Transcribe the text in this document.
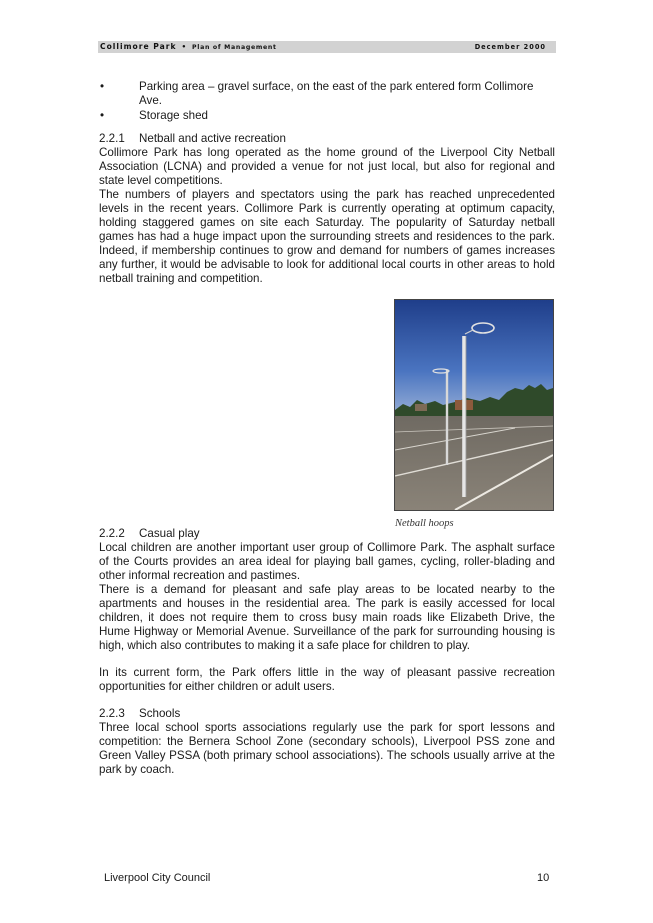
Collimore Park • Plan of Management	December 2000
•	Parking area – gravel surface, on the east of the park entered form Collimore Ave.
•	Storage shed
2.2.1 Netball and active recreation

Collimore Park has long operated as the home ground of the Liverpool City Netball Association (LCNA) and provided a venue for not just local, but also for regional and state level competitions.

The numbers of players and spectators using the park has reached unprecedented levels in the recent years. Collimore Park is currently operating at optimum capacity, holding staggered games on site each Saturday. The popularity of Saturday netball games has had a huge impact upon the surrounding streets and residences to the park. Indeed, if membership continues to grow and demand for numbers of games increases any further, it would be advisable to look for additional local courts in other areas to hold netball training and competition.

2.2.2 Casual play

Local children are another important user group of Collimore Park. The asphalt surface of the Courts provides an area ideal for playing ball games, cycling, roller-blading and other informal recreation and pastimes.

There is a demand for pleasant and safe play areas to be located nearby to the apartments and houses in the residential area. The park is easily accessed for local children, it does not require them to cross busy main roads like Elizabeth Drive, the Hume Highway or Memorial Avenue. Surveillance of the park for surrounding housing is high, which also contributes to making it a safe place for children to play.

In its current form, the Park offers little in the way of pleasant passive recreation opportunities for either children or adult users.

2.2.3 Schools

Three local school sports associations regularly use the park for sport lessons and competition: the Bernera School Zone (secondary schools), Liverpool PSS zone and Green Valley PSSA (both primary school associations). The schools usually arrive at the park by coach.

Netball hoops
Liverpool City Council	10
